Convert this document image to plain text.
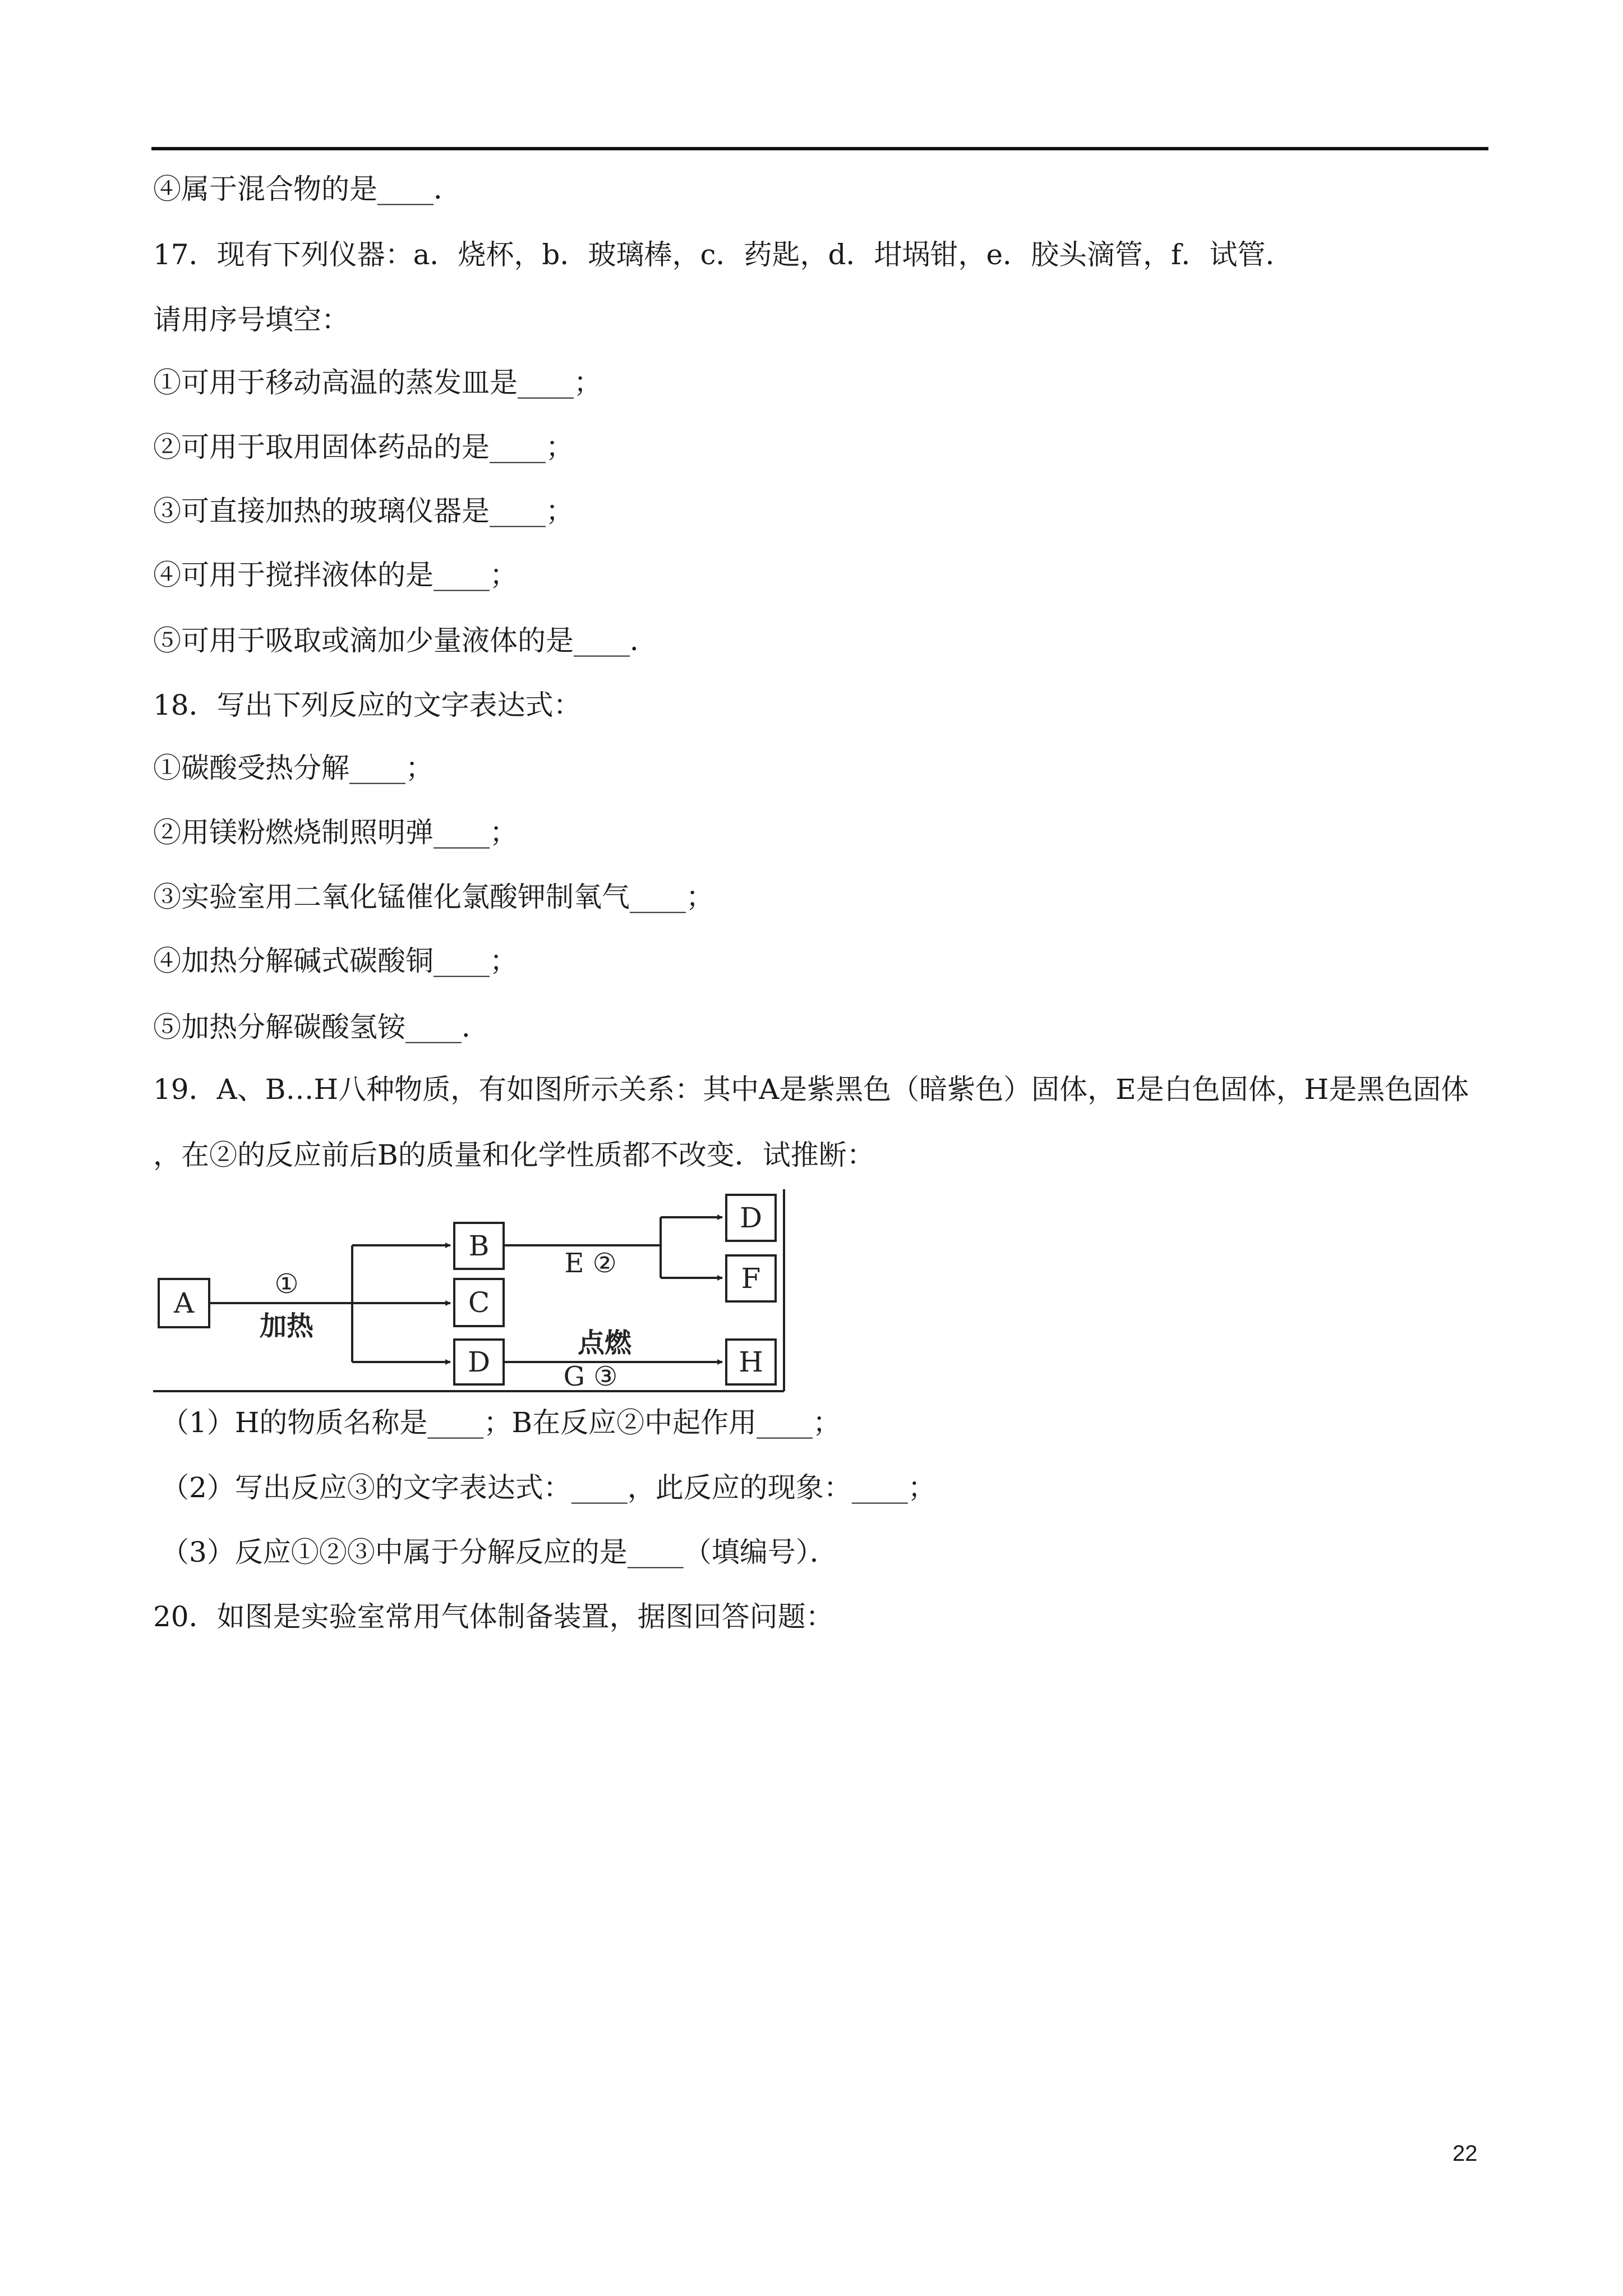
④属于混合物的是____．
17．现有下列仪器：a．烧杯，b．玻璃棒，c．药匙，d．坩埚钳，e．胶头滴管，f．试管．
请用序号填空：
①可用于移动高温的蒸发皿是____；
②可用于取用固体药品的是____；
③可直接加热的玻璃仪器是____；
④可用于搅拌液体的是____；
⑤可用于吸取或滴加少量液体的是____．
18．写出下列反应的文字表达式：
①碳酸受热分解____；
②用镁粉燃烧制照明弹____；
③实验室用二氧化锰催化氯酸钾制氧气____；
④加热分解碱式碳酸铜____；
⑤加热分解碳酸氢铵____．
19．A、B…H八种物质，有如图所示关系：其中A是紫黑色（暗紫色）固体，E是白色固体，H是黑色固体
，在②的反应前后B的质量和化学性质都不改变．试推断：
A
B
C
D
D
F
H
①
加热
E ②
点燃
G ③
（1）H的物质名称是____；B在反应②中起作用____；
（2）写出反应③的文字表达式：____，此反应的现象：____；
（3）反应①②③中属于分解反应的是____（填编号）．
20．如图是实验室常用气体制备装置，据图回答问题：
22
